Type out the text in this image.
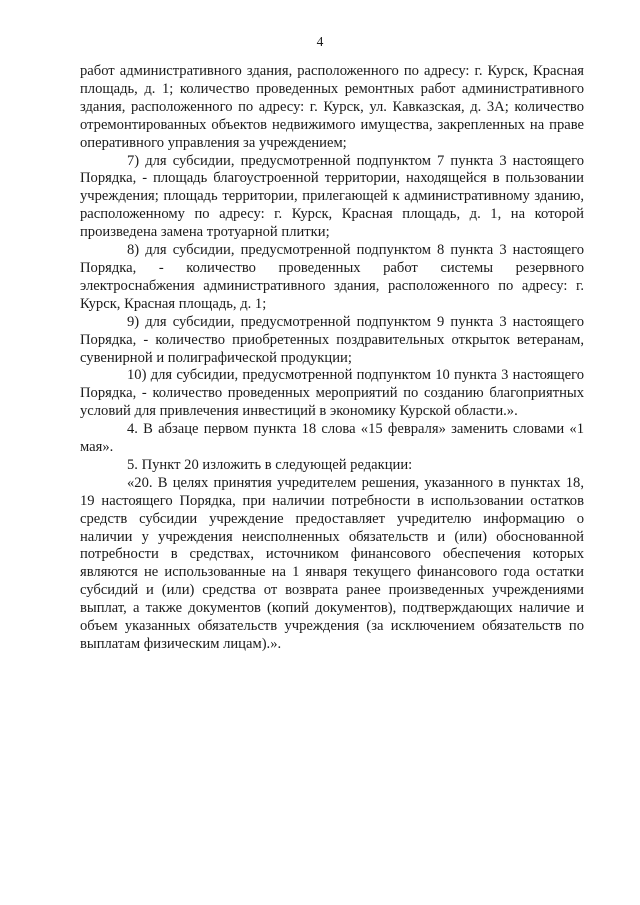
4

работ административного здания, расположенного по адресу: г. Курск, Красная площадь, д. 1; количество проведенных ремонтных работ административного здания, расположенного по адресу: г. Курск, ул. Кавказская, д. 3А; количество отремонтированных объектов недвижимого имущества, закрепленных на праве оперативного управления за учреждением;

7) для субсидии, предусмотренной подпунктом 7 пункта 3 настоящего Порядка, - площадь благоустроенной территории, находящейся в пользовании учреждения; площадь территории, прилегающей к административному зданию, расположенному по адресу: г. Курск, Красная площадь, д. 1, на которой произведена замена тротуарной плитки;

8) для субсидии, предусмотренной подпунктом 8 пункта 3 настоящего Порядка, - количество проведенных работ системы резервного электроснабжения административного здания, расположенного по адресу: г. Курск, Красная площадь, д. 1;

9) для субсидии, предусмотренной подпунктом 9 пункта 3 настоящего Порядка, - количество приобретенных поздравительных открыток ветеранам, сувенирной и полиграфической продукции;

10) для субсидии, предусмотренной подпунктом 10 пункта 3 настоящего Порядка, - количество проведенных мероприятий по созданию благоприятных условий для привлечения инвестиций в экономику Курской области.».

4. В абзаце первом пункта 18 слова «15 февраля» заменить словами «1 мая».

5. Пункт 20 изложить в следующей редакции:

«20. В целях принятия учредителем решения, указанного в пунктах 18, 19 настоящего Порядка, при наличии потребности в использовании остатков средств субсидии учреждение предоставляет учредителю информацию о наличии у учреждения неисполненных обязательств и (или) обоснованной потребности в средствах, источником финансового обеспечения которых являются не использованные на 1 января текущего финансового года остатки субсидий и (или) средства от возврата ранее произведенных учреждениями выплат, а также документов (копий документов), подтверждающих наличие и объем указанных обязательств учреждения (за исключением обязательств по выплатам физическим лицам).».
